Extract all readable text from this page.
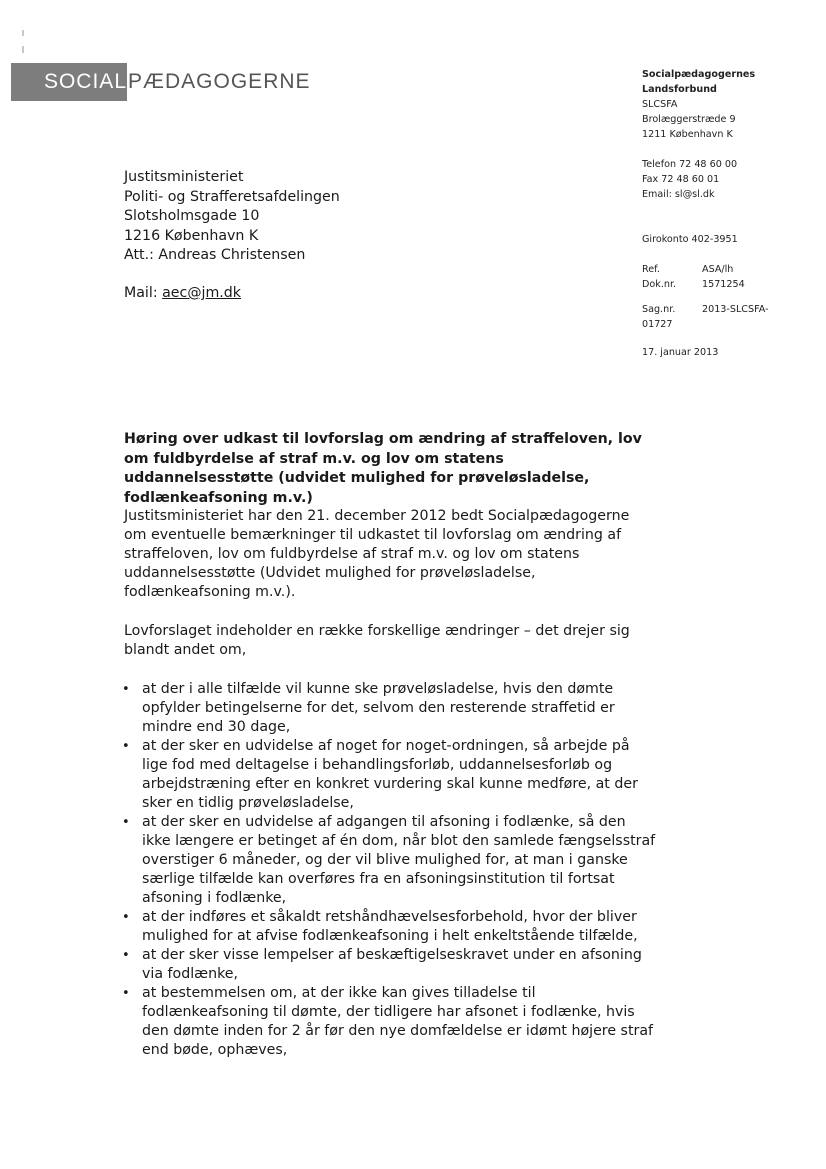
SOCIAL PÆDAGOGERNE	Socialpædagogernes
Landsforbund
SLCSFA
Brolæggerstræde 9
1211 København K
Telefon 72 48 60 00
Fax 72 48 60 01
Email: sl@sl.dk
Girokonto 402-3951
Ref.	ASA/lh
Dok.nr.	1571254
Sag.nr.	2013-SLCSFA-
01727
17. januar 2013
Justitsministeriet
Politi- og Strafferetsafdelingen
Slotsholmsgade 10
1216 København K
Att.: Andreas Christensen
Mail: aec@jm.dk
Høring over udkast til lovforslag om ændring af straffeloven, lov om fuldbyrdelse af straf m.v. og lov om statens uddannelsesstøtte (udvidet mulighed for prøveløsladelse, fodlænkeafsoning m.v.)

Justitsministeriet har den 21. december 2012 bedt Socialpædagogerne om eventuelle bemærkninger til udkastet til lovforslag om ændring af straffeloven, lov om fuldbyrdelse af straf m.v. og lov om statens uddannelsesstøtte (Udvidet mulighed for prøveløsladelse, fodlænkeafsoning m.v.).

Lovforslaget indeholder en række forskellige ændringer – det drejer sig blandt andet om,

• at der i alle tilfælde vil kunne ske prøveløsladelse, hvis den dømte opfylder betingelserne for det, selvom den resterende straffetid er mindre end 30 dage,
• at der sker en udvidelse af noget for noget-ordningen, så arbejde på lige fod med deltagelse i behandlingsforløb, uddannelsesforløb og arbejdstræning efter en konkret vurdering skal kunne medføre, at der sker en tidlig prøveløsladelse,
• at der sker en udvidelse af adgangen til afsoning i fodlænke, så den ikke længere er betinget af én dom, når blot den samlede fængselsstraf overstiger 6 måneder, og der vil blive mulighed for, at man i ganske særlige tilfælde kan overføres fra en afsoningsinstitution til fortsat afsoning i fodlænke,
• at der indføres et såkaldt retshåndhævelsesforbehold, hvor der bliver mulighed for at afvise fodlænkeafsoning i helt enkeltstående tilfælde,
• at der sker visse lempelser af beskæftigelseskravet under en afsoning via fodlænke,
• at bestemmelsen om, at der ikke kan gives tilladelse til fodlænkeafsoning til dømte, der tidligere har afsonet i fodlænke, hvis den dømte inden for 2 år før den nye domfældelse er idømt højere straf end bøde, ophæves,
